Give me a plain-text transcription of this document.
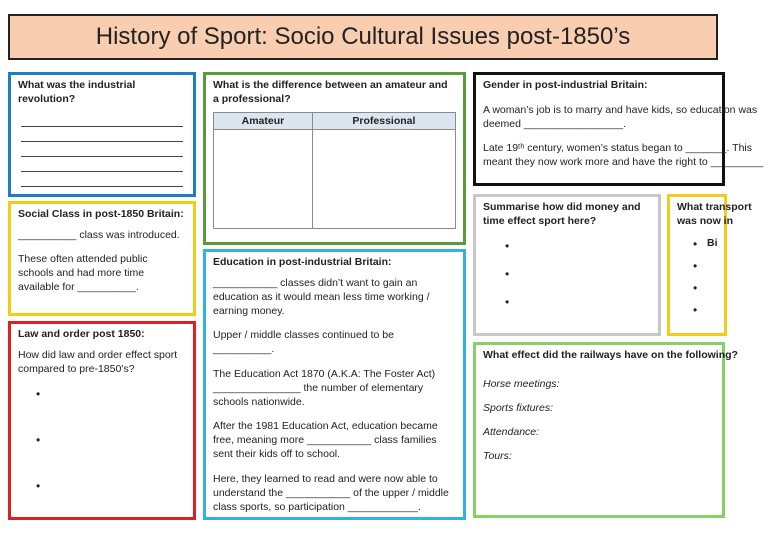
History of Sport: Socio Cultural Issues post-1850’s
What was the industrial revolution?
Social Class in post-1850 Britain:

__________ class was introduced.

These often attended public schools and had more time available for __________.

Law and order post 1850:

How did law and order effect sport compared to pre-1850’s?

•
•
•
What is the difference between an amateur and a professional?
Amateur	Professional

Education in post-industrial Britain:

___________ classes didn’t want to gain an education as it would mean less time working / earning money.

Upper / middle classes continued to be __________.

The Education Act 1870 (A.K.A: The Foster Act) _______________ the number of elementary schools nationwide.

After the 1981 Education Act, education became free, meaning more ___________ class families sent their kids off to school.

Here, they learned to read and were now able to understand the ___________ of the upper / middle class sports, so participation ____________.

Gender in post-industrial Britain:

A woman’s job is to marry and have kids, so education was deemed _________________.

Late 19ᵗʰ century, women’s status began to _______. This meant they now work more and have the right to _________

Summarise how did money and time effect sport here?
•
•
•
What transport was now in
• Bi
•
•
•
What effect did the railways have on the following?

Horse meetings:

Sports fixtures:

Attendance:

Tours:
